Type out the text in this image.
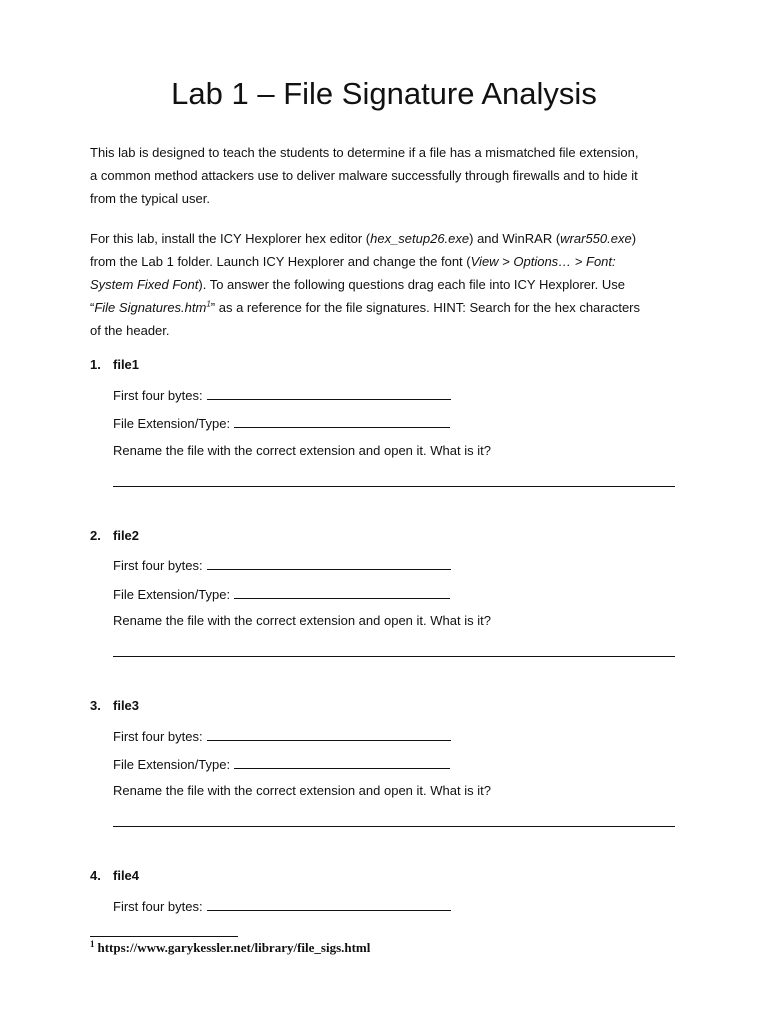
Lab 1 – File Signature Analysis
This lab is designed to teach the students to determine if a file has a mismatched file extension,
a common method attackers use to deliver malware successfully through firewalls and to hide it
from the typical user.
For this lab, install the ICY Hexplorer hex editor (hex_setup26.exe) and WinRAR (wrar550.exe)
from the Lab 1 folder. Launch ICY Hexplorer and change the font (View > Options… > Font:
System Fixed Font). To answer the following questions drag each file into ICY Hexplorer. Use
“File Signatures.htm$^1$” as a reference for the file signatures. HINT: Search for the hex characters
of the header.
1. file1
First four bytes:
File Extension/Type:
Rename the file with the correct extension and open it. What is it?
2. file2
First four bytes:
File Extension/Type:
Rename the file with the correct extension and open it. What is it?
3. file3
First four bytes:
File Extension/Type:
Rename the file with the correct extension and open it. What is it?
4. file4
First four bytes:
$^1$ https://www.garykessler.net/library/file_sigs.html
